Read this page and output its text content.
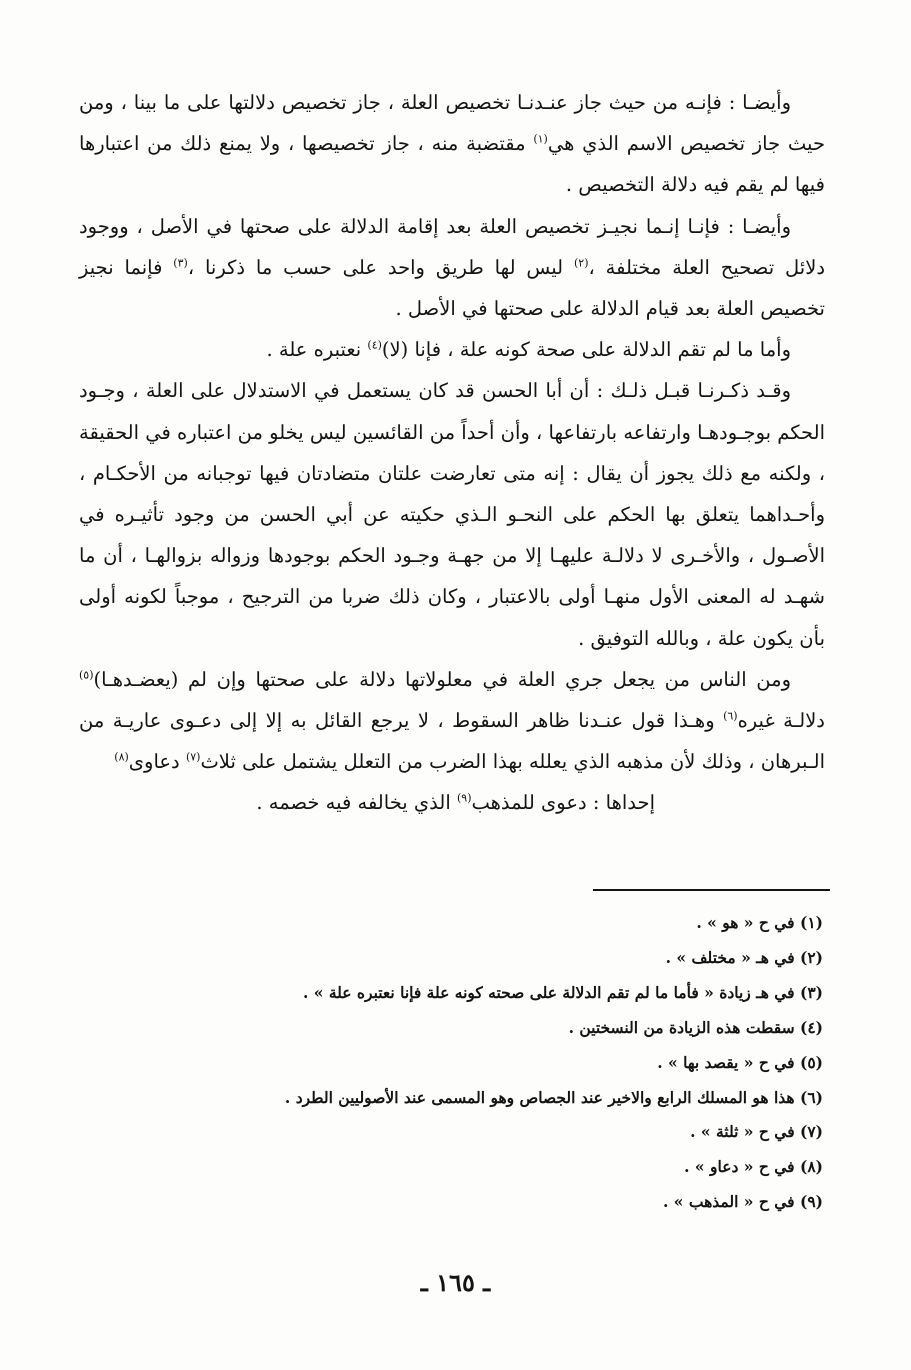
وأيضـا : فإنـه من حيث جاز عنـدنـا تخصيص العلة ، جاز تخصيص دلالتها على ما بينا ، ومن حيث جاز تخصيص الاسم الذي هي$^{(١)}$ مقتضبة منه ، جاز تخصيصها ، ولا يمنع ذلك من اعتبارها فيها لم يقم فيه دلالة التخصيص .

وأيضـا : فإنـا إنـما نجيـز تخصيص العلة بعد إقامة الدلالة على صحتها في الأصل ، ووجود دلائل تصحيح العلة مختلفة ،$^{(٢)}$ ليس لها طريق واحد على حسب ما ذكرنا ،$^{(٣)}$ فإنما نجيز تخصيص العلة بعد قيام الدلالة على صحتها في الأصل .

وأما ما لم تقم الدلالة على صحة كونه علة ، فإنا (لا)$^{(٤)}$ نعتبره علة .

وقـد ذكـرنـا قبـل ذلـك : أن أبا الحسن قد كان يستعمل في الاستدلال على العلة ، وجـود الحكم بوجـودهـا وارتفاعه بارتفاعها ، وأن أحداً من القائسين ليس يخلو من اعتباره في الحقيقة ، ولكنه مع ذلك يجوز أن يقال : إنه متى تعارضت علتان متضادتان فيها توجبانه من الأحكـام ، وأحـداهما يتعلق بها الحكم على النحـو الـذي حكيته عن أبي الحسن من وجود تأثيـره في الأصـول ، والأخـرى لا دلالـة عليهـا إلا من جهـة وجـود الحكم بوجودها وزواله بزوالهـا ، أن ما شهـد له المعنى الأول منهـا أولى بالاعتبار ، وكان ذلك ضربا من الترجيح ، موجباً لكونه أولى بأن يكون علة ، وبالله التوفيق .

ومن الناس من يجعل جري العلة في معلولاتها دلالة على صحتها وإن لم (يعضـدهـا)$^{(٥)}$ دلالـة غيره$^{(٦)}$ وهـذا قول عنـدنا ظاهر السقوط ، لا يرجع القائل به إلا إلى دعـوى عاريـة من الـبرهان ، وذلك لأن مذهبه الذي يعلله بهذا الضرب من التعلل يشتمل على ثلاث$^{(٧)}$ دعاوى$^{(٨)}$

إحداها : دعوى للمذهب$^{(٩)}$ الذي يخالفه فيه خصمه .

(١) في ح « هو » .
(٢) في هـ « مختلف » .
(٣) في هـ زيادة « فأما ما لم تقم الدلالة على صحته كونه علة فإنا نعتبره علة » .
(٤) سقطت هذه الزيادة من النسختين .
(٥) في ح « يقصد بها » .
(٦) هذا هو المسلك الرابع والاخير عند الجصاص وهو المسمى عند الأصوليين الطرد .
(٧) في ح « ثلثة » .
(٨) في ح « دعاو » .
(٩) في ح « المذهب » .
ـ ١٦٥ ـ
